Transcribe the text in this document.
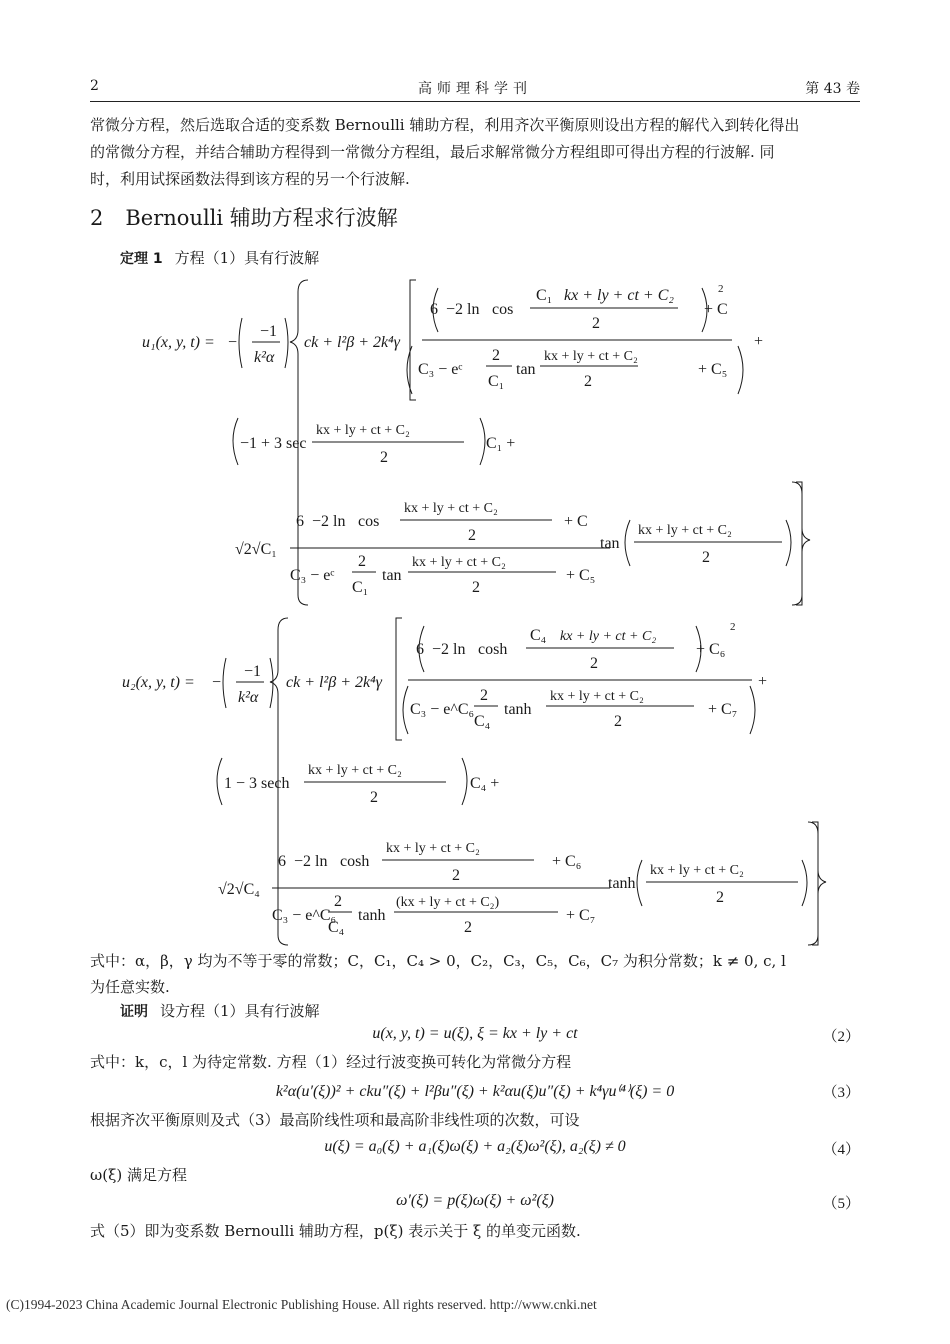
2	高师理科学刊	第 43 卷
常微分方程，然后选取合适的变系数 Bernoulli 辅助方程，利用齐次平衡原则设出方程的解代入到转化得出
的常微分方程，并结合辅助方程得到一常微分方程组，最后求解常微分方程组即可得出方程的行波解. 同
时，利用试探函数法得到该方程的另一个行波解.
2 Bernoulli 辅助方程求行波解
定理 1 方程（1）具有行波解
u₁(x, y, t) = −
−1
k²α
ck + l²β + 2k⁴γ
6 −2 ln cos
C₁ kx + ly + ct + C₂
2
+ C
2
C₃ − eᶜ
2
C₁
tan
kx + ly + ct + C₂
2
+ C₅
+
−1 + 3 sec
kx + ly + ct + C₂
2
C₁ +
√2√C₁
6 −2 ln cos
kx + ly + ct + C₂
2
+ C
C₃ − eᶜ
2
C₁
tan
kx + ly + ct + C₂
2
+ C₅
tan
kx + ly + ct + C₂
2
u₂(x, y, t) = −
−1
k²α
ck + l²β + 2k⁴γ
6 −2 ln cosh
C₄ kx + ly + ct + C₂
2
+ C₆
2
C₃ − e^C₆
2
C₄
tanh
kx + ly + ct + C₂
2
+ C₇
+
1 − 3 sech
kx + ly + ct + C₂
2
C₄ +
√2√C₄
6 −2 ln cosh
kx + ly + ct + C₂
2
+ C₆
C₃ − e^C₆
2
C₄
tanh
(kx + ly + ct + C₂)
2
+ C₇
tanh
kx + ly + ct + C₂
2
式中：α，β，γ 均为不等于零的常数；C，C₁，C₄ > 0，C₂，C₃，C₅，C₆，C₇ 为积分常数；k ≠ 0, c, l
为任意实数.
证明 设方程（1）具有行波解
u(x, y, t) = u(ξ), ξ = kx + ly + ct	（2）
式中：k，c，l 为待定常数. 方程（1）经过行波变换可转化为常微分方程
k²α(u′(ξ))² + cku″(ξ) + l²βu″(ξ) + k²αu(ξ)u″(ξ) + k⁴γu⁽⁴⁾(ξ) = 0	（3）
根据齐次平衡原则及式（3）最高阶线性项和最高阶非线性项的次数，可设
u(ξ) = a₀(ξ) + a₁(ξ)ω(ξ) + a₂(ξ)ω²(ξ), a₂(ξ) ≠ 0	（4）
ω(ξ) 满足方程
ω′(ξ) = p(ξ)ω(ξ) + ω²(ξ)	（5）
式（5）即为变系数 Bernoulli 辅助方程，p(ξ) 表示关于 ξ 的单变元函数.
(C)1994-2023 China Academic Journal Electronic Publishing House. All rights reserved. http://www.cnki.net
